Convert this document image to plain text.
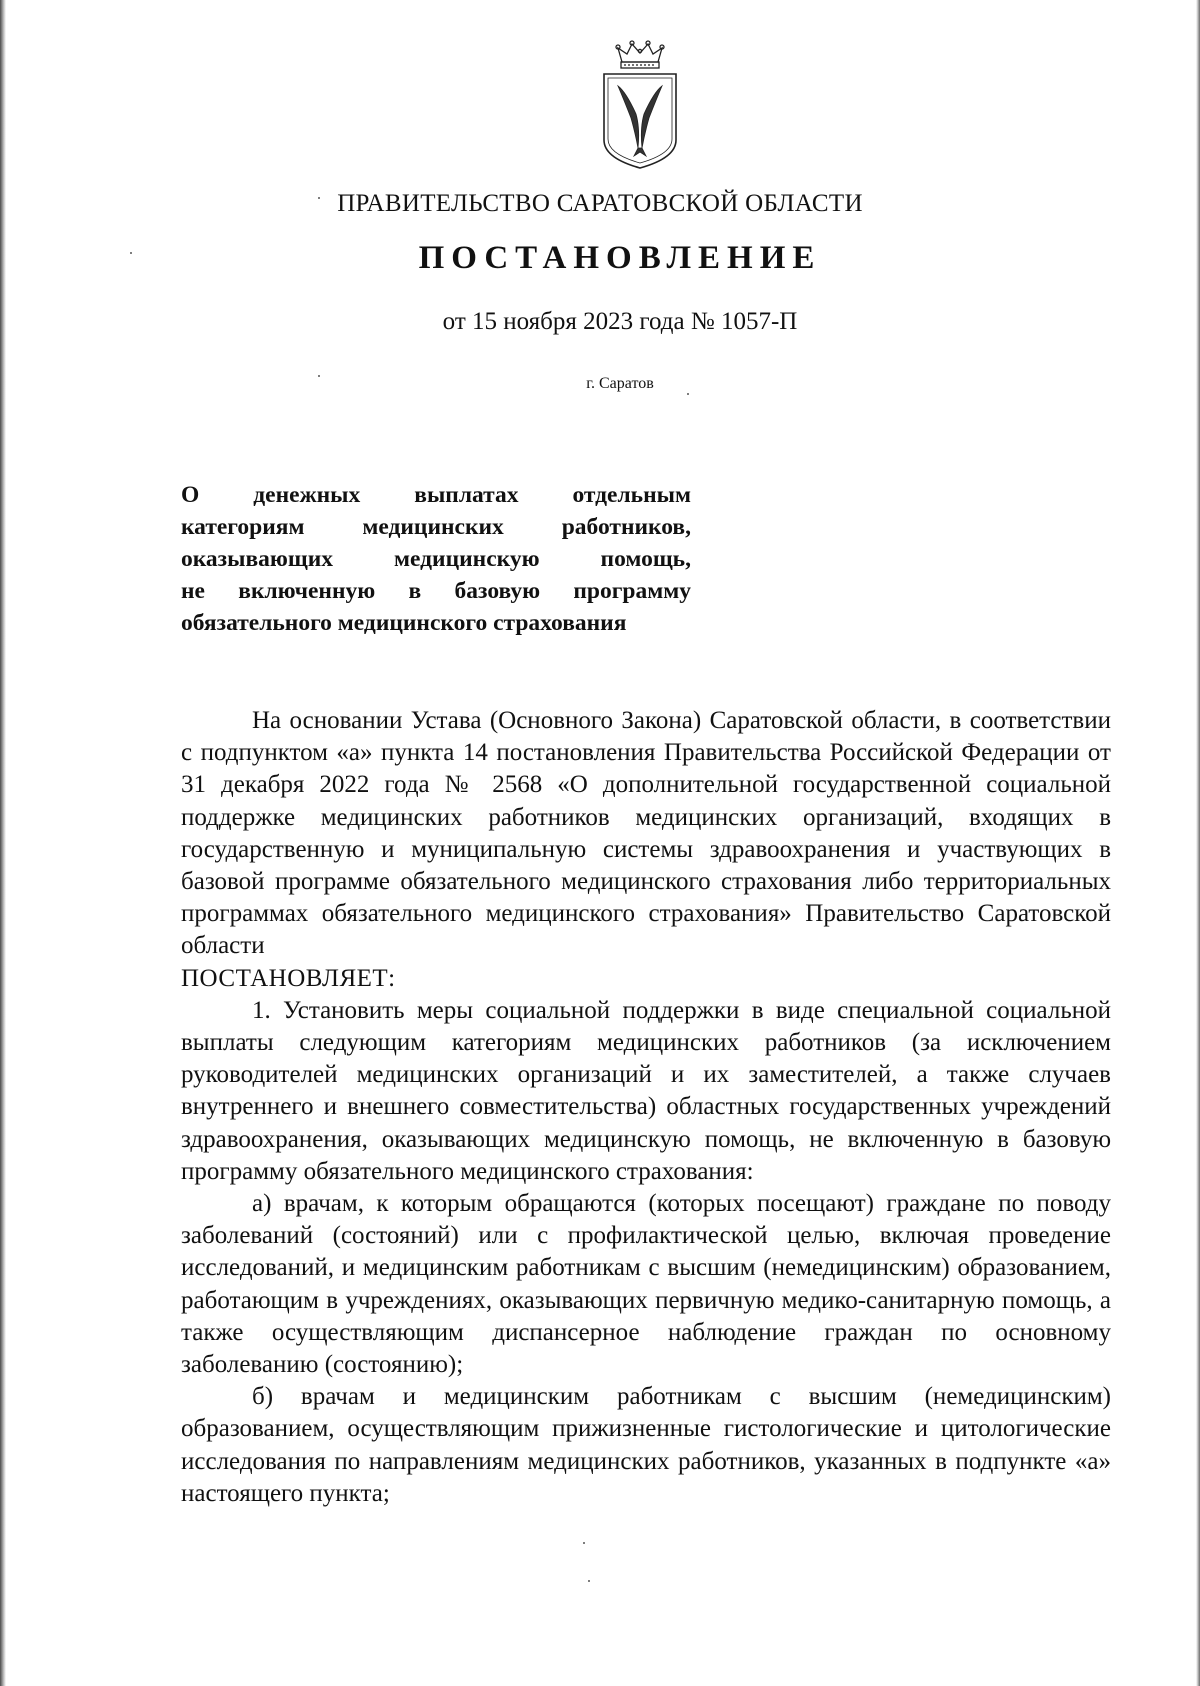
ПРАВИТЕЛЬСТВО САРАТОВСКОЙ ОБЛАСТИ
ПОСТАНОВЛЕНИЕ
от 15 ноября 2023 года № 1057-П
г. Саратов
О денежных выплатах отдельным
категориям медицинских работников,
оказывающих медицинскую помощь,
не включенную в базовую программу
обязательного медицинского страхования

На основании Устава (Основного Закона) Саратовской области, в соответствии с подпунктом «а» пункта 14 постановления Правительства Российской Федерации от 31 декабря 2022 года № 2568 «О дополнительной государственной социальной поддержке медицинских работников медицинских организаций, входящих в государственную и муниципальную системы здравоохранения и участвующих в базовой программе обязательного медицинского страхования либо территориальных программах обязательного медицинского страхования» Правительство Саратовской области

ПОСТАНОВЛЯЕТ:

1. Установить меры социальной поддержки в виде специальной социальной выплаты следующим категориям медицинских работников (за исключением руководителей медицинских организаций и их заместителей, а также случаев внутреннего и внешнего совместительства) областных государственных учреждений здравоохранения, оказывающих медицинскую помощь, не включенную в базовую программу обязательного медицинского страхования:

а) врачам, к которым обращаются (которых посещают) граждане по поводу заболеваний (состояний) или с профилактической целью, включая проведение исследований, и медицинским работникам с высшим (немедицинским) образованием, работающим в учреждениях, оказывающих первичную медико-санитарную помощь, а также осуществляющим диспансерное наблюдение граждан по основному заболеванию (состоянию);

б) врачам и медицинским работникам с высшим (немедицинским) образованием, осуществляющим прижизненные гистологические и цитологические исследования по направлениям медицинских работников, указанных в подпункте «а» настоящего пункта;
